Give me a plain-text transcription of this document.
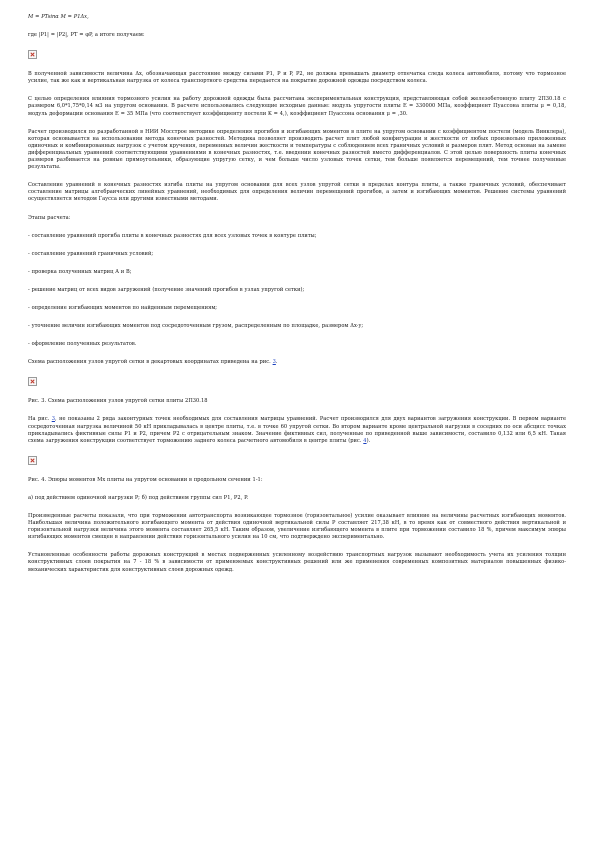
M = PTsinα M = P1Δx,

где |P1| = |P2|, PT = φP, а итоге получаем:

В полученной зависимости величина Δx, обозначающая расстояние между силами P1, P и P, P2, не должна превышать диаметр отпечатка следа колеса автомобиля, потому что тормозное усилие, так же как и вертикальная нагрузка от колеса транспортного средства передается на покрытие дорожной одежды посредством колеса.

С целью определения влияния тормозного усилия на работу дорожной одежды была рассчитана экспериментальная конструкция, представляющая собой железобетонную плиту 2П30.18 с размером 6,0*1,75*0,14 м3 на упругом основании. В расчете использовались следующие исходные данные: модуль упругости плиты E = 330000 МПа, коэффициент Пуассона плиты μ = 0,18, модуль деформации основания E = 35 МПа (что соответствует коэффициенту постели K = 4,), коэффициент Пуассона основания μ = ,30.

Расчет производился по разработанной в НИИ Мосстрое методике определения прогибов и изгибающих моментов в плите на упругом основании с коэффициентом постели (модель Винклера), которая основывается на использовании метода конечных разностей. Методика позволяет производить расчет плит любой конфигурации и жесткости от любых произвольно приложенных одиночных и комбинированных нагрузок с учетом кручения, переменных величин жесткости и температуры с соблюдением всех граничных условий и размеров плит. Метод основан на замене дифференциальных уравнений соответствующими уравнениями в конечных разностях, т.е. введении конечных разностей вместо дифференциалов. С этой целью поверхность плиты конечных размеров разбивается на ровные прямоугольники, образующие упругую сетку, и чем больше число узловых точек сетки, тем больше появляется перемещений, тем точнее полученные результаты.

Составление уравнений в конечных разностях изгиба плиты на упругом основании для всех узлов упругой сетки в пределах контура плиты, а также граничных условий, обеспечивает составление матрицы алгебраических линейных уравнений, необходимых для определения величин перемещений прогибов, а затем и изгибающих моментов. Решение системы уравнений осуществляется методом Гаусса или другими известными методами.

Этапы расчета:

- составление уравнений прогиба плиты в конечных разностях для всех узловых точек в контуре плиты;

- составление уравнений граничных условий;

- проверка полученных матриц A и B;

- решение матриц от всех видов загружений (получение значений прогибов в узлах упругой сетки);

- определение изгибающих моментов по найденным перемещениям;

- уточнение величин изгибающих моментов под сосредоточенным грузом, распределенным по площадке, размером Δx·y;

- оформление полученных результатов.

Схема расположения узлов упругой сетки в декартовых координатах приведена на рис. 3.

Рис. 3. Схема расположения узлов упругой сетки плиты 2П30.18

На рис. 3, не показаны 2 ряда законтурных точек необходимых для составления матрицы уравнений. Расчет производился для двух вариантов загружения конструкции. В первом варианте сосредоточенная нагрузка величиной 50 кН прикладывалась в центре плиты, т.е. в точке 60 упругой сетки. Во втором варианте кроме центральной нагрузки в соседних по оси абсцисс точках прикладывались фиктивные силы P1 и P2, причем P2 с отрицательным знаком. Значение фиктивных сил, полученные по приведенной выше зависимости, составило 0,132 или 6,5 кН. Такая схема загружения конструкции соответствует торможению заднего колеса расчетного автомобиля в центре плиты (рис. 4).

Рис. 4. Эпюры моментов Mx плиты на упругом основании в продольном сечении 1-1:

а) под действием одиночной нагрузки P; б) под действием группы сил P1, P2, P.

Произведенные расчеты показали, что при торможении автотранспорта возникающее тормозное (горизонтальное) усилие оказывает влияние на величины расчетных изгибающих моментов. Наибольшая величина положительного изгибающего момента от действия одиночной вертикальной силы P составляет 217,38 кН, в то время как от совместного действия вертикальной и горизонтальной нагрузки величина этого момента составляет 265,5 кН. Таким образом, увеличение изгибающего момента в плите при торможении составило 18 %, причем максимум эпюры изгибающих моментов смещен в направлении действия горизонтального усилия на 10 см, что подтверждено экспериментально.

Установленные особенности работы дорожных конструкций в местах подверженных усиленному воздействию транспортных нагрузок вызывают необходимость учета их усиления толщин конструктивных слоев покрытия на 7 - 18 % в зависимости от применяемых конструктивных решений или же применения современных композитных материалов повышенных физико-механических характеристик для конструктивных слоев дорожных одежд.
